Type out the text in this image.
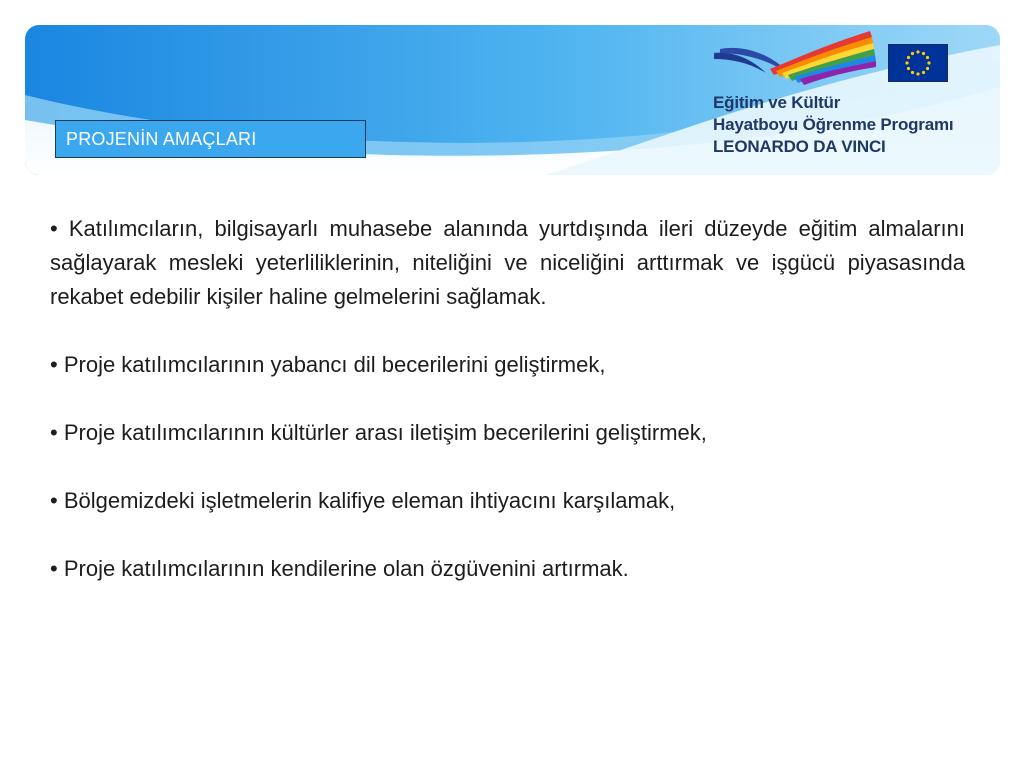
PROJENİN AMAÇLARI
Eğitim ve Kültür
Hayatboyu Öğrenme Programı
LEONARDO DA VINCI
• Katılımcıların, bilgisayarlı muhasebe alanında yurtdışında ileri düzeyde eğitim almalarını sağlayarak mesleki yeterliliklerinin, niteliğini ve niceliğini arttırmak ve işgücü piyasasında rekabet edebilir kişiler haline gelmelerini sağlamak.
• Proje katılımcılarının yabancı dil becerilerini geliştirmek,
• Proje katılımcılarının kültürler arası iletişim becerilerini geliştirmek,
• Bölgemizdeki işletmelerin kalifiye eleman ihtiyacını karşılamak,
• Proje katılımcılarının kendilerine olan özgüvenini artırmak.
